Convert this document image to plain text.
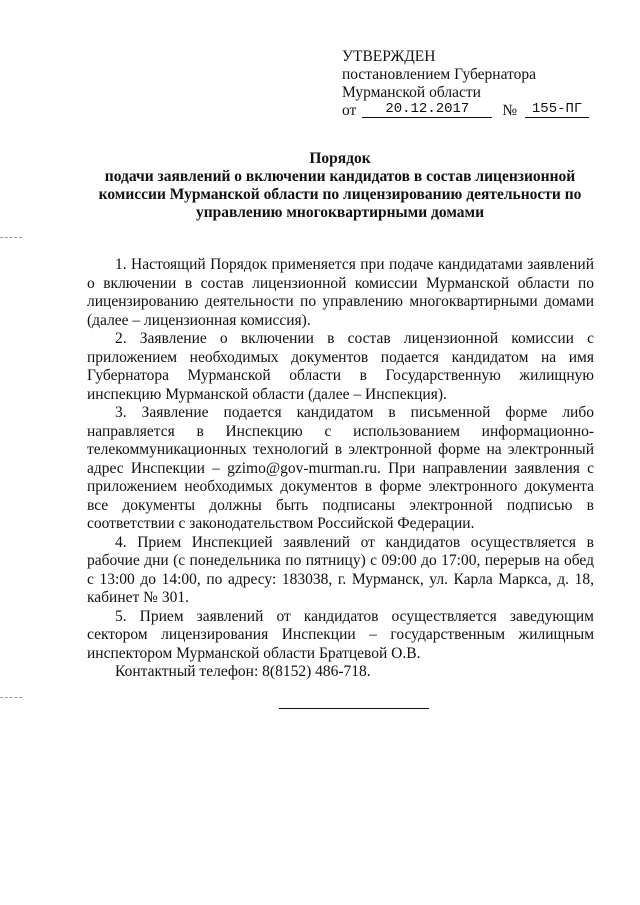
УТВЕРЖДЕН
постановлением Губернатора
Мурманской области
от	20.12.2017	№	155-ПГ
Порядок
подачи заявлений о включении кандидатов в состав лицензионной
комиссии Мурманской области по лицензированию деятельности по
управлению многоквартирными домами

1. Настоящий Порядок применяется при подаче кандидатами заявлений о включении в состав лицензионной комиссии Мурманской области по лицензированию деятельности по управлению многоквартирными домами (далее – лицензионная комиссия).

2. Заявление о включении в состав лицензионной комиссии с приложением необходимых документов подается кандидатом на имя Губернатора Мурманской области в Государственную жилищную инспекцию Мурманской области (далее – Инспекция).

3. Заявление подается кандидатом в письменной форме либо направляется в Инспекцию с использованием информационно-телекоммуникационных технологий в электронной форме на электронный адрес Инспекции – gzimo@gov-murman.ru. При направлении заявления с приложением необходимых документов в форме электронного документа все документы должны быть подписаны электронной подписью в соответствии с законодательством Российской Федерации.

4. Прием Инспекцией заявлений от кандидатов осуществляется в рабочие дни (с понедельника по пятницу) с 09:00 до 17:00, перерыв на обед с 13:00 до 14:00, по адресу: 183038, г. Мурманск, ул. Карла Маркса, д. 18, кабинет № 301.

5. Прием заявлений от кандидатов осуществляется заведующим сектором лицензирования Инспекции – государственным жилищным инспектором Мурманской области Братцевой О.В.

Контактный телефон: 8(8152) 486-718.
